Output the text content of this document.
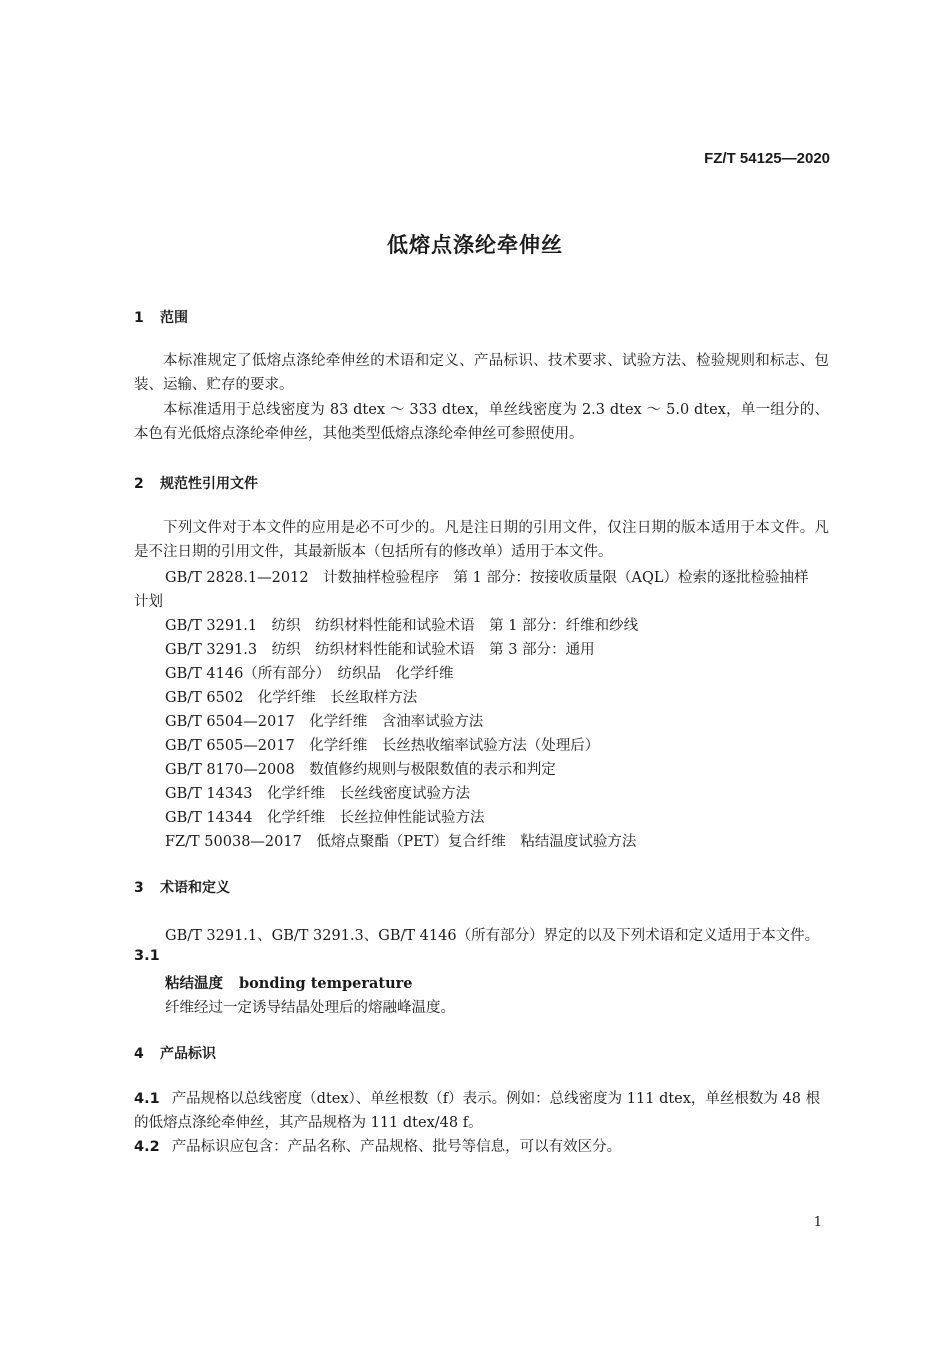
FZ/T 54125—2020
低熔点涤纶牵伸丝
1 范围
本标准规定了低熔点涤纶牵伸丝的术语和定义、产品标识、技术要求、试验方法、检验规则和标志、包装、运输、贮存的要求。
本标准适用于总线密度为 83 dtex ～ 333 dtex，单丝线密度为 2.3 dtex ～ 5.0 dtex，单一组分的、本色有光低熔点涤纶牵伸丝，其他类型低熔点涤纶牵伸丝可参照使用。
2 规范性引用文件
下列文件对于本文件的应用是必不可少的。凡是注日期的引用文件，仅注日期的版本适用于本文件。凡是不注日期的引用文件，其最新版本（包括所有的修改单）适用于本文件。
GB/T 2828.1—2012　计数抽样检验程序　第 1 部分：按接收质量限（AQL）检索的逐批检验抽样
计划
GB/T 3291.1　纺织　纺织材料性能和试验术语　第 1 部分：纤维和纱线
GB/T 3291.3　纺织　纺织材料性能和试验术语　第 3 部分：通用
GB/T 4146（所有部分）　纺织品　化学纤维
GB/T 6502　化学纤维　长丝取样方法
GB/T 6504—2017　化学纤维　含油率试验方法
GB/T 6505—2017　化学纤维　长丝热收缩率试验方法（处理后）
GB/T 8170—2008　数值修约规则与极限数值的表示和判定
GB/T 14343　化学纤维　长丝线密度试验方法
GB/T 14344　化学纤维　长丝拉伸性能试验方法
FZ/T 50038—2017　低熔点聚酯（PET）复合纤维　粘结温度试验方法
3 术语和定义
GB/T 3291.1、GB/T 3291.3、GB/T 4146（所有部分）界定的以及下列术语和定义适用于本文件。
3.1
粘结温度 bonding temperature
纤维经过一定诱导结晶处理后的熔融峰温度。
4 产品标识
4.1 产品规格以总线密度（dtex）、单丝根数（f）表示。例如：总线密度为 111 dtex，单丝根数为 48 根的低熔点涤纶牵伸丝，其产品规格为 111 dtex/48 f。
4.2 产品标识应包含：产品名称、产品规格、批号等信息，可以有效区分。
1
